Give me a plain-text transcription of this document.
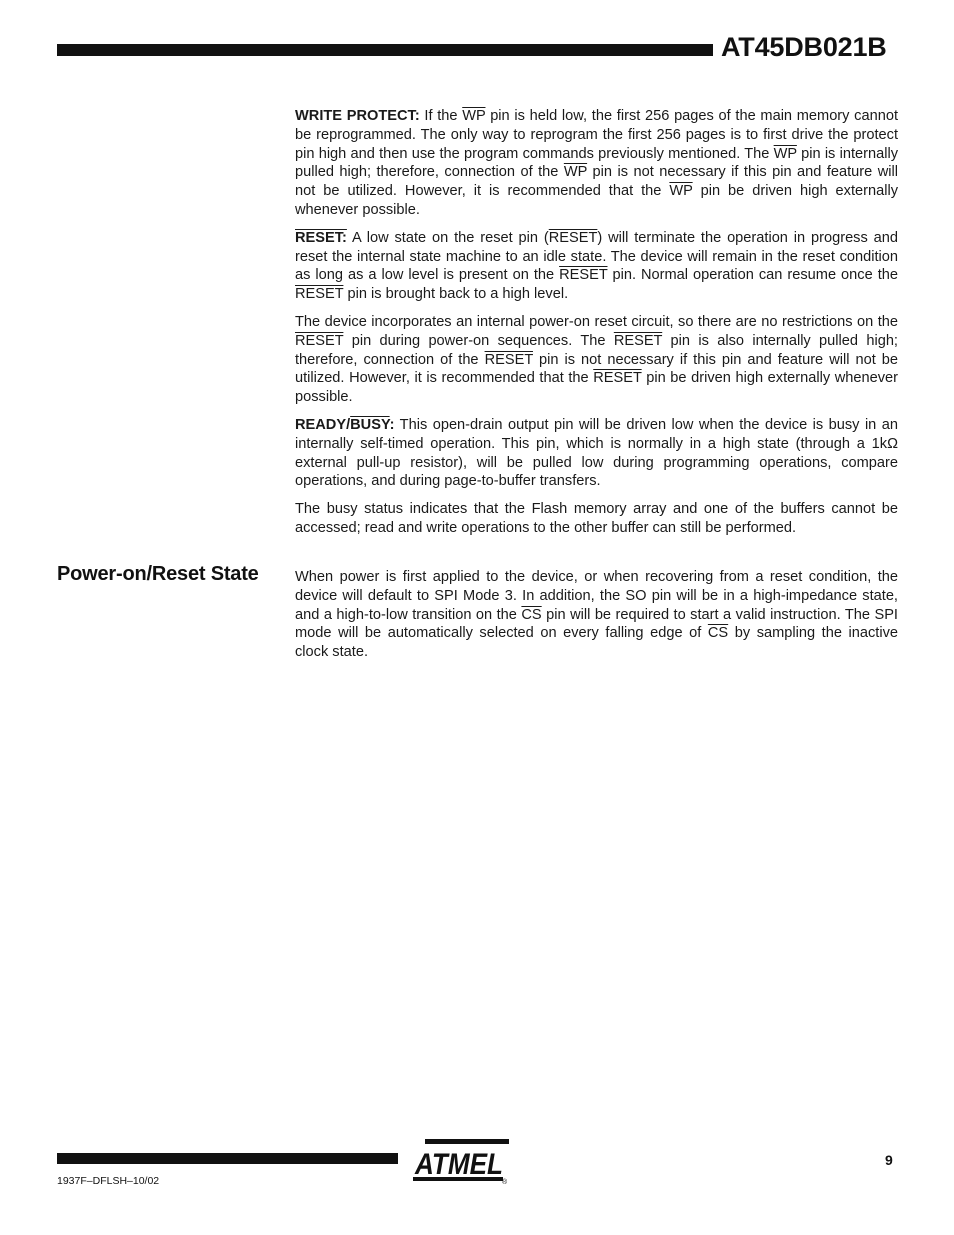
AT45DB021B

WRITE PROTECT: If the $\overline{WP}$ pin is held low, the first 256 pages of the main memory cannot be reprogrammed. The only way to reprogram the first 256 pages is to first drive the protect pin high and then use the program commands previously mentioned. The $\overline{WP}$ pin is internally pulled high; therefore, connection of the $\overline{WP}$ pin is not necessary if this pin and feature will not be utilized. However, it is recommended that the $\overline{WP}$ pin be driven high externally whenever possible.

RESET: A low state on the reset pin (RESET) will terminate the operation in progress and reset the internal state machine to an idle state. The device will remain in the reset condition as long as a low level is present on the RESET pin. Normal operation can resume once the RESET pin is brought back to a high level.

The device incorporates an internal power-on reset circuit, so there are no restrictions on the RESET pin during power-on sequences. The RESET pin is also internally pulled high; therefore, connection of the RESET pin is not necessary if this pin and feature will not be utilized. However, it is recommended that the RESET pin be driven high externally whenever possible.

READY/BUSY: This open-drain output pin will be driven low when the device is busy in an internally self-timed operation. This pin, which is normally in a high state (through a 1kΩ external pull-up resistor), will be pulled low during programming operations, compare operations, and during page-to-buffer transfers.

The busy status indicates that the Flash memory array and one of the buffers cannot be accessed; read and write operations to the other buffer can still be performed.

Power-on/Reset State When power is first applied to the device, or when recovering from a reset condition, the device will default to SPI Mode 3. In addition, the SO pin will be in a high-impedance state, and a high-to-low transition on the $\overline{CS}$ pin will be required to start a valid instruction. The SPI mode will be automatically selected on every falling edge of $\overline{CS}$ by sampling the inactive clock state.

1937F–DFLSH–10/02
9
ATMEL
®
